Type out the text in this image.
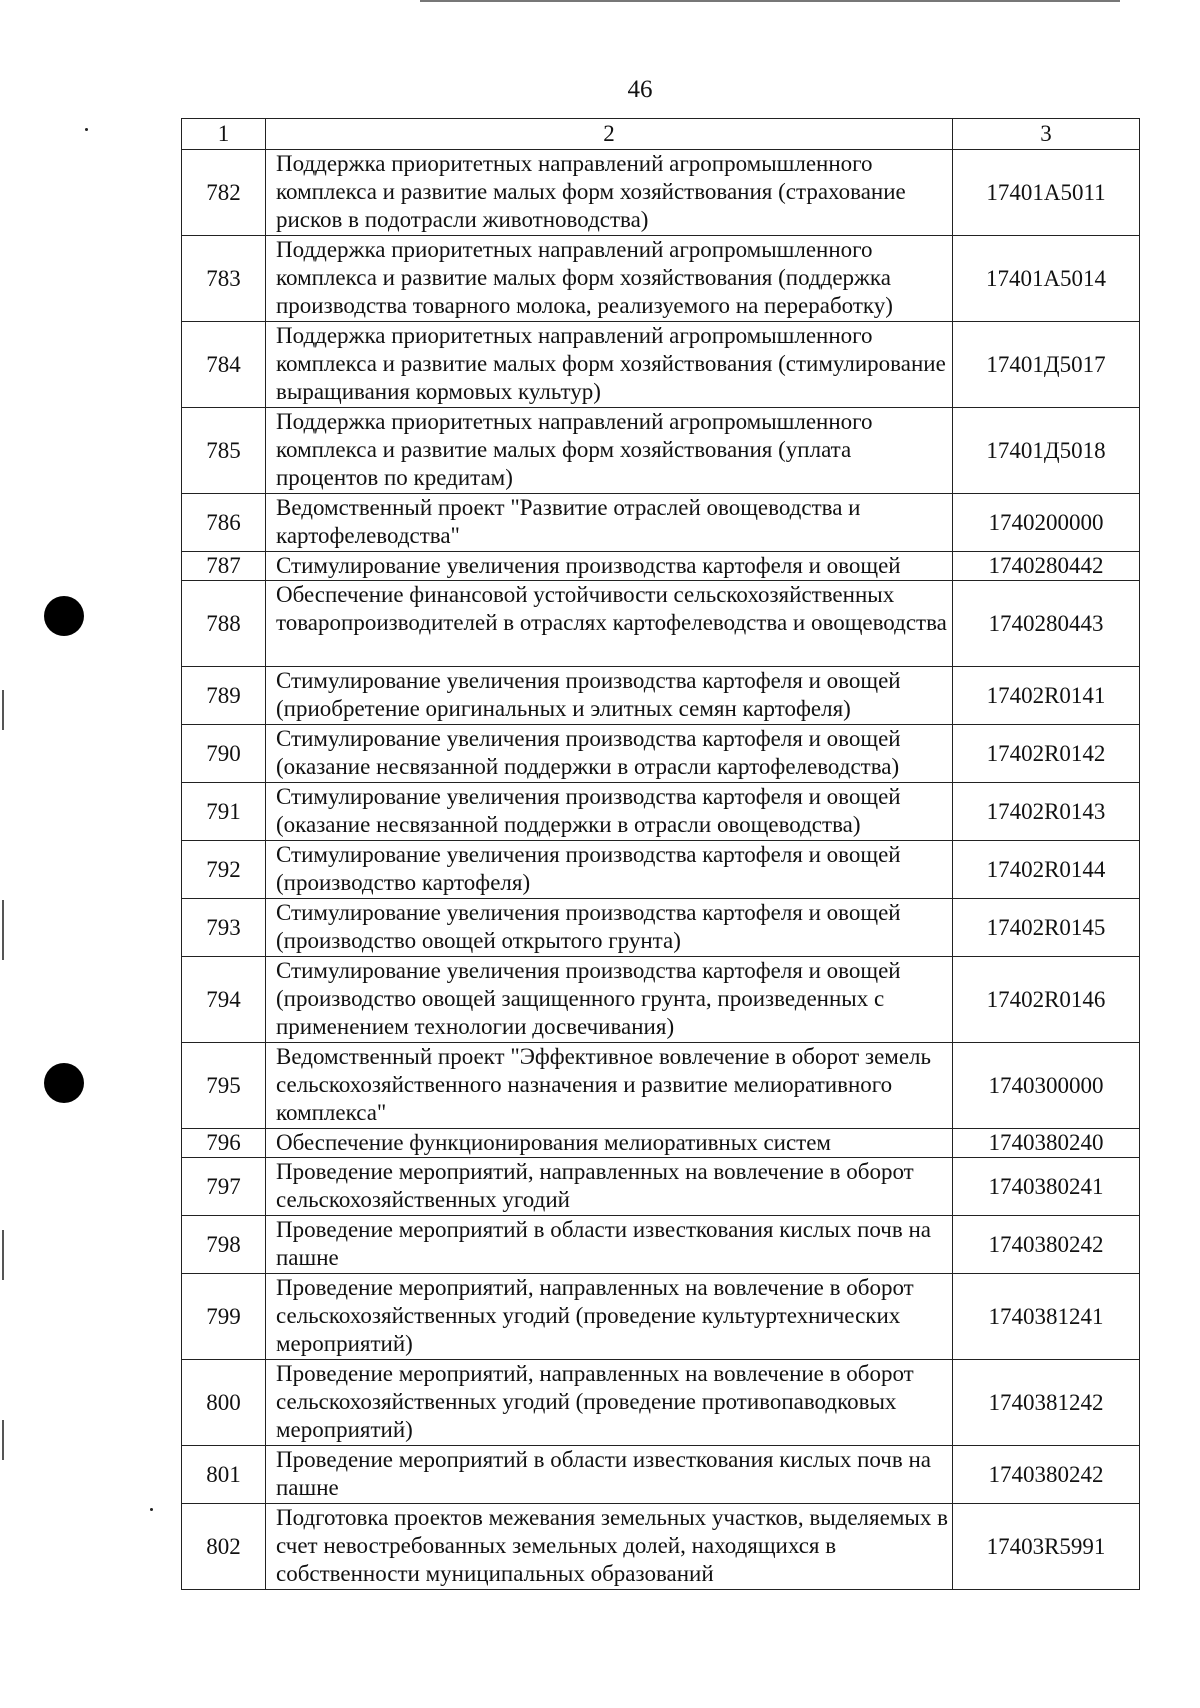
46
1	2	3
782	Поддержка приоритетных направлений агропромышленного комплекса и развитие малых форм хозяйствования (страхование рисков в подотрасли животноводства)	17401A5011
783	Поддержка приоритетных направлений агропромышленного комплекса и развитие малых форм хозяйствования (поддержка производства товарного молока, реализуемого на переработку)	17401A5014
784	Поддержка приоритетных направлений агропромышленного комплекса и развитие малых форм хозяйствования (стимулирование выращивания кормовых культур)	17401Д5017
785	Поддержка приоритетных направлений агропромышленного комплекса и развитие малых форм хозяйствования (уплата процентов по кредитам)	17401Д5018
786	Ведомственный проект "Развитие отраслей овощеводства и картофелеводства"	1740200000
787	Стимулирование увеличения производства картофеля и овощей	1740280442
788	Обеспечение финансовой устойчивости сельскохозяйственных товаропроизводителей в отраслях картофелеводства и овощеводства	1740280443
789	Стимулирование увеличения производства картофеля и овощей (приобретение оригинальных и элитных семян картофеля)	17402R0141
790	Стимулирование увеличения производства картофеля и овощей (оказание несвязанной поддержки в отрасли картофелеводства)	17402R0142
791	Стимулирование увеличения производства картофеля и овощей (оказание несвязанной поддержки в отрасли овощеводства)	17402R0143
792	Стимулирование увеличения производства картофеля и овощей (производство картофеля)	17402R0144
793	Стимулирование увеличения производства картофеля и овощей (производство овощей открытого грунта)	17402R0145
794	Стимулирование увеличения производства картофеля и овощей (производство овощей защищенного грунта, произведенных с применением технологии досвечивания)	17402R0146
795	Ведомственный проект "Эффективное вовлечение в оборот земель сельскохозяйственного назначения и развитие мелиоративного комплекса"	1740300000
796	Обеспечение функционирования мелиоративных систем	1740380240
797	Проведение мероприятий, направленных на вовлечение в оборот сельскохозяйственных угодий	1740380241
798	Проведение мероприятий в области известкования кислых почв на пашне	1740380242
799	Проведение мероприятий, направленных на вовлечение в оборот сельскохозяйственных угодий (проведение культуртехнических мероприятий)	1740381241
800	Проведение мероприятий, направленных на вовлечение в оборот сельскохозяйственных угодий (проведение противопаводковых мероприятий)	1740381242
801	Проведение мероприятий в области известкования кислых почв на пашне	1740380242
802	Подготовка проектов межевания земельных участков, выделяемых в счет невостребованных земельных долей, находящихся в собственности муниципальных образований	17403R5991
